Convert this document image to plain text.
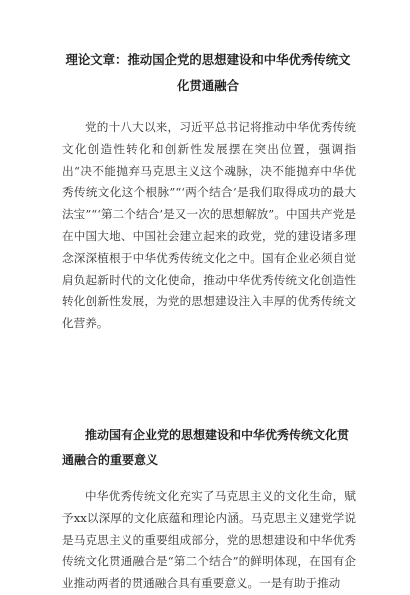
理论文章：推动国企党的思想建设和中华优秀传统文化贯通融合

党的十八大以来，习近平总书记将推动中华优秀传统文化创造性转化和创新性发展摆在突出位置，强调指出“决不能抛弃马克思主义这个魂脉，决不能抛弃中华优秀传统文化这个根脉”“‘两个结合’是我们取得成功的最大法宝”“‘第二个结合’是又一次的思想解放”。中国共产党是在中国大地、中国社会建立起来的政党，党的建设诸多理念深深植根于中华优秀传统文化之中。国有企业必须自觉肩负起新时代的文化使命，推动中华优秀传统文化创造性转化创新性发展，为党的思想建设注入丰厚的优秀传统文化营养。

推动国有企业党的思想建设和中华优秀传统文化贯通融合的重要意义

中华优秀传统文化充实了马克思主义的文化生命，赋予xx以深厚的文化底蕴和理论内涵。马克思主义建党学说是马克思主义的重要组成部分，党的思想建设和中华优秀传统文化贯通融合是“第二个结合”的鲜明体现，在国有企业推动两者的贯通融合具有重要意义。一是有助于推动
